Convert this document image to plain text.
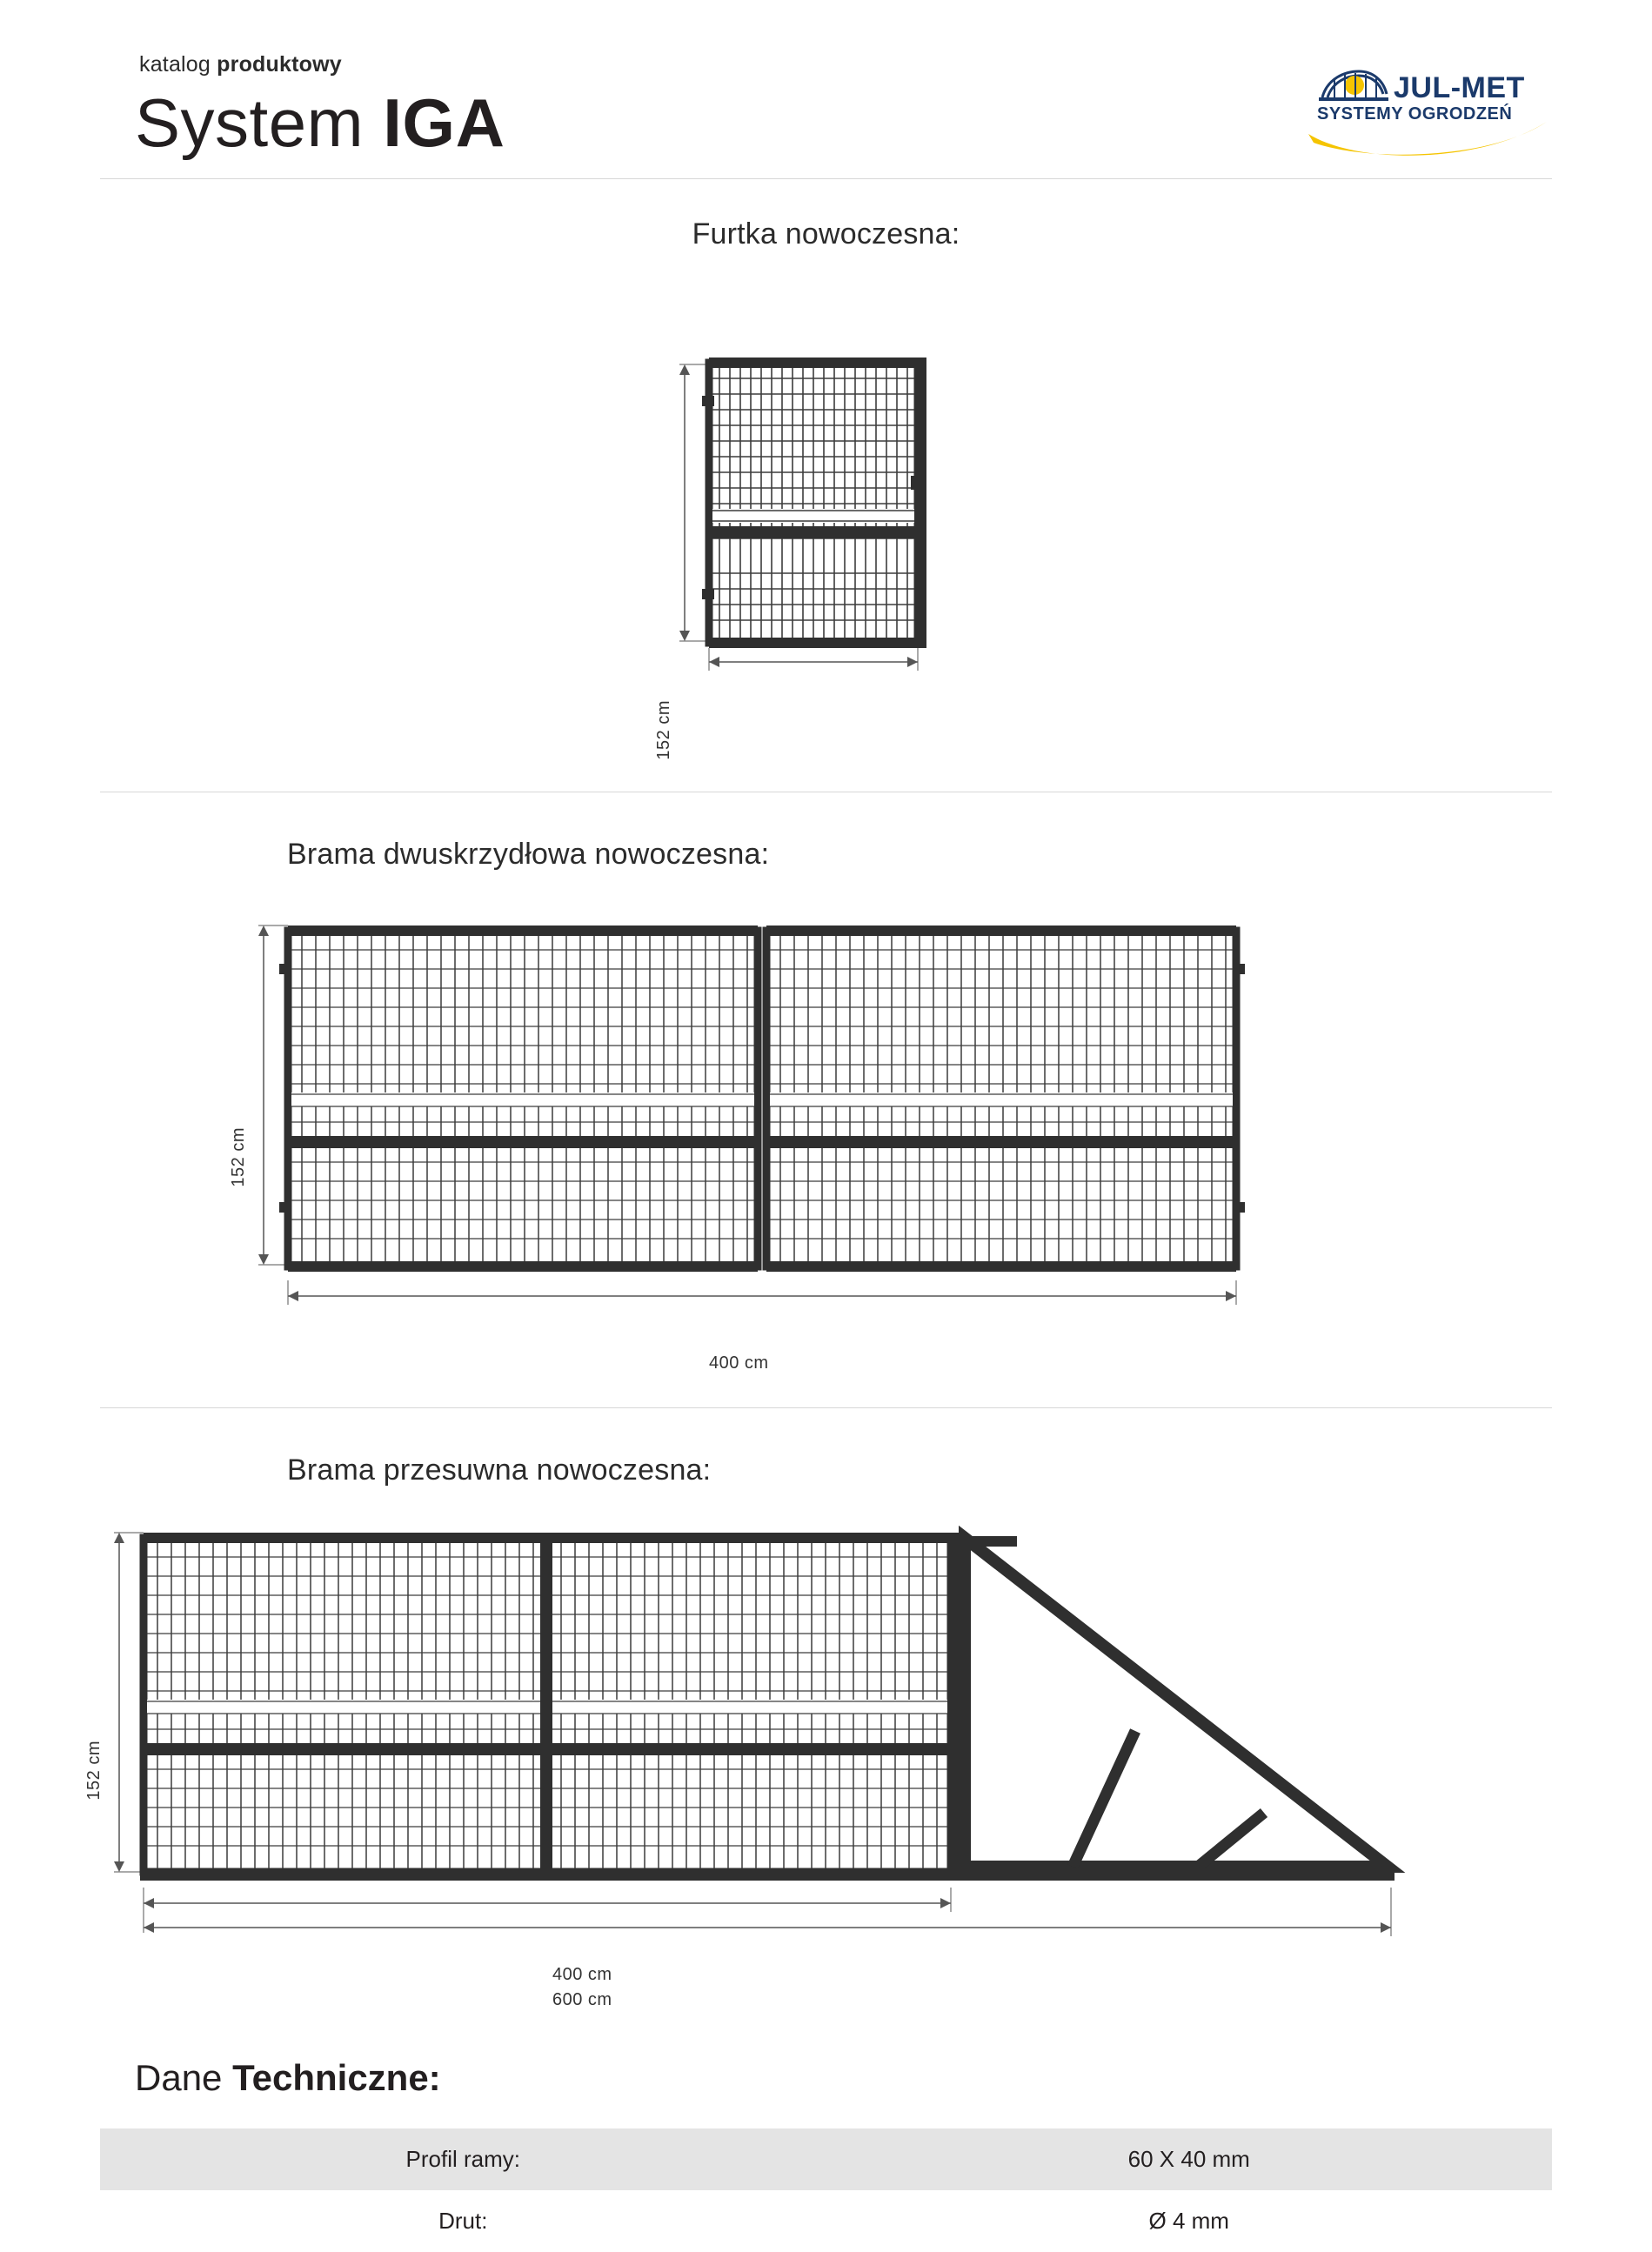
katalog produktowy
System IGA	JUL-MET
SYSTEMY OGRODZEŃ
Furtka nowoczesna:
152 cm
Brama dwuskrzydłowa nowoczesna:
152 cm
400 cm
Brama przesuwna nowoczesna:
152 cm
400 cm
600 cm
Dane Techniczne:
Profil ramy:	60 X 40 mm
Drut:	Ø 4 mm
